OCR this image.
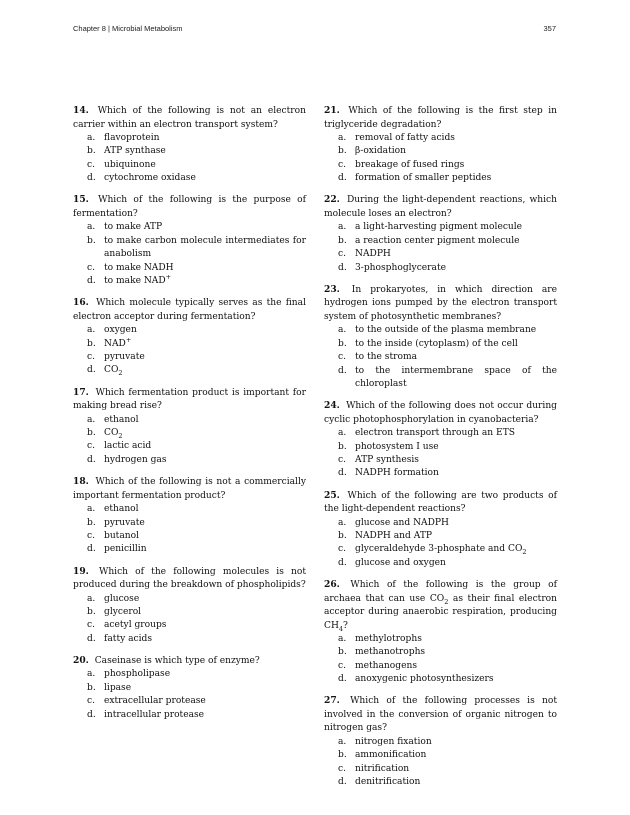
Chapter 8 | Microbial Metabolism	357
14. Which of the following is not an electron carrier within an electron transport system?
a. flavoprotein
b. ATP synthase
c. ubiquinone
d. cytochrome oxidase
15. Which of the following is the purpose of fermentation?
a. to make ATP
b. to make carbon molecule intermediates for anabolism
c. to make NADH
d. to make NAD+
16. Which molecule typically serves as the final electron acceptor during fermentation?
a. oxygen
b. NAD+
c. pyruvate
d. $CO_2$
17. Which fermentation product is important for making bread rise?
a. ethanol
b. $CO_2$
c. lactic acid
d. hydrogen gas
18. Which of the following is not a commercially important fermentation product?
a. ethanol
b. pyruvate
c. butanol
d. penicillin
19. Which of the following molecules is not produced during the breakdown of phospholipids?
a. glucose
b. glycerol
c. acetyl groups
d. fatty acids
20. Caseinase is which type of enzyme?
a. phospholipase
b. lipase
c. extracellular protease
d. intracellular protease
21. Which of the following is the first step in triglyceride degradation?
a. removal of fatty acids
b. β-oxidation
c. breakage of fused rings
d. formation of smaller peptides
22. During the light-dependent reactions, which molecule loses an electron?
a. a light-harvesting pigment molecule
b. a reaction center pigment molecule
c. NADPH
d. 3-phosphoglycerate
23. In prokaryotes, in which direction are hydrogen ions pumped by the electron transport system of photosynthetic membranes?
a. to the outside of the plasma membrane
b. to the inside (cytoplasm) of the cell
c. to the stroma
d. to the intermembrane space of the chloroplast
24. Which of the following does not occur during cyclic photophosphorylation in cyanobacteria?
a. electron transport through an ETS
b. photosystem I use
c. ATP synthesis
d. NADPH formation
25. Which of the following are two products of the light-dependent reactions?
a. glucose and NADPH
b. NADPH and ATP
c. glyceraldehyde 3-phosphate and $CO_2$
d. glucose and oxygen
26. Which of the following is the group of archaea that can use $CO_2$ as their final electron acceptor during anaerobic respiration, producing $CH_4$?
a. methylotrophs
b. methanotrophs
c. methanogens
d. anoxygenic photosynthesizers
27. Which of the following processes is not involved in the conversion of organic nitrogen to nitrogen gas?
a. nitrogen fixation
b. ammonification
c. nitrification
d. denitrification
